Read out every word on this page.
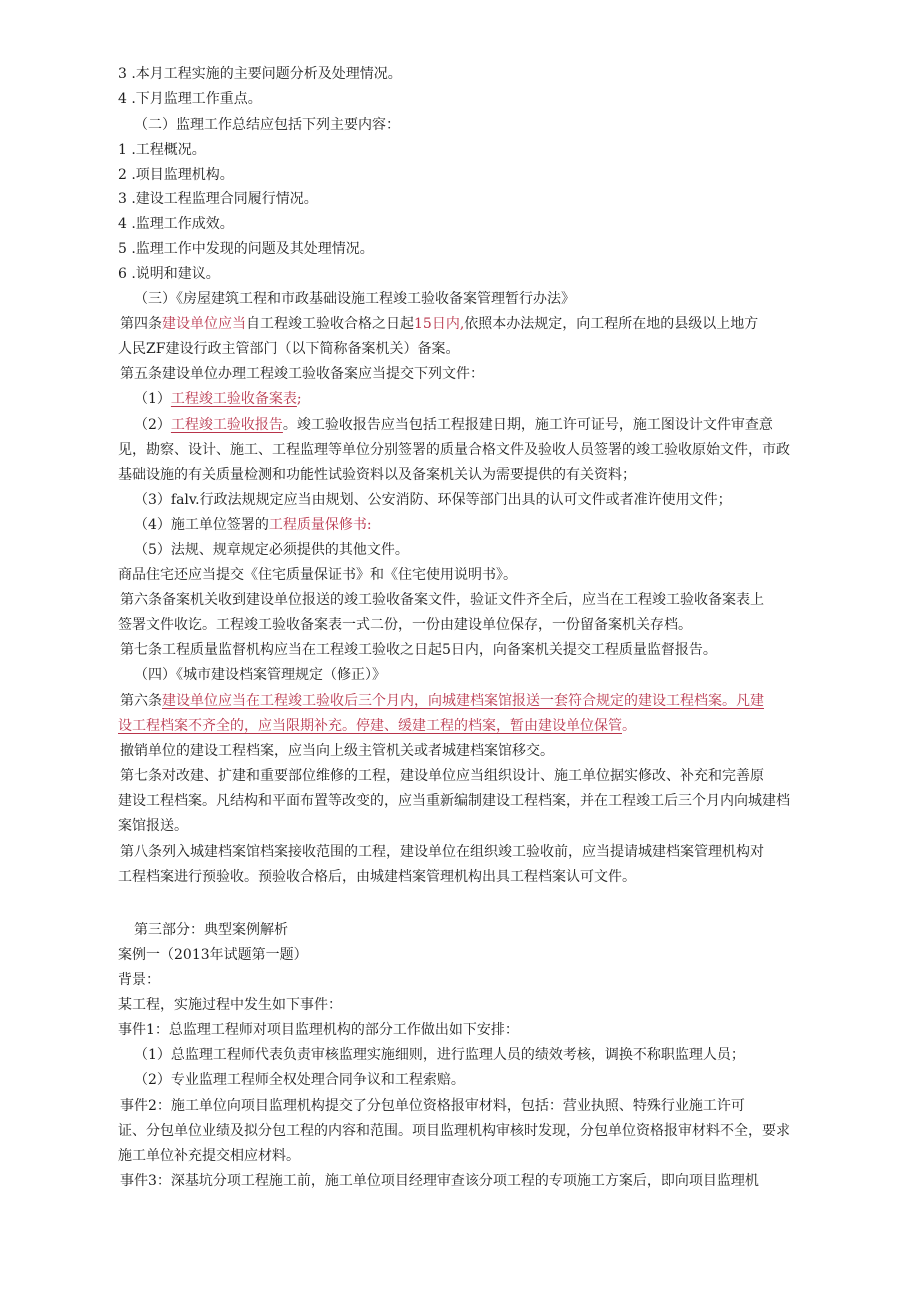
3 .本月工程实施的主要问题分析及处理情况。

4 .下月监理工作重点。

（二）监理工作总结应包括下列主要内容：

1 .工程概况。

2 .项目监理机构。

3 .建设工程监理合同履行情况。

4 .监理工作成效。

5 .监理工作中发现的问题及其处理情况。

6 .说明和建议。

（三）《房屋建筑工程和市政基础设施工程竣工验收备案管理暂行办法》

第四条建设单位应当自工程竣工验收合格之日起15日内,依照本办法规定，向工程所在地的县级以上地方

人民ZF建设行政主管部门（以下简称备案机关）备案。

第五条建设单位办理工程竣工验收备案应当提交下列文件：

（1）工程竣工验收备案表;

（2）工程竣工验收报告。竣工验收报告应当包括工程报建日期，施工许可证号，施工图设计文件审查意

见，勘察、设计、施工、工程监理等单位分别签署的质量合格文件及验收人员签署的竣工验收原始文件，市政

基础设施的有关质量检测和功能性试验资料以及备案机关认为需要提供的有关资料；

（3）falv.行政法规规定应当由规划、公安消防、环保等部门出具的认可文件或者准许使用文件；

（4）施工单位签署的工程质量保修书:

（5）法规、规章规定必须提供的其他文件。

商品住宅还应当提交《住宅质量保证书》和《住宅使用说明书》。

第六条备案机关收到建设单位报送的竣工验收备案文件，验证文件齐全后，应当在工程竣工验收备案表上

签署文件收讫。工程竣工验收备案表一式二份，一份由建设单位保存，一份留备案机关存档。

第七条工程质量监督机构应当在工程竣工验收之日起5日内，向备案机关提交工程质量监督报告。

（四）《城市建设档案管理规定（修正）》

第六条建设单位应当在工程竣工验收后三个月内，向城建档案馆报送一套符合规定的建设工程档案。凡建

设工程档案不齐全的，应当限期补充。停建、缓建工程的档案，暂由建设单位保管。

撤销单位的建设工程档案，应当向上级主管机关或者城建档案馆移交。

第七条对改建、扩建和重要部位维修的工程，建设单位应当组织设计、施工单位据实修改、补充和完善原

建设工程档案。凡结构和平面布置等改变的，应当重新编制建设工程档案，并在工程竣工后三个月内向城建档

案馆报送。

第八条列入城建档案馆档案接收范围的工程，建设单位在组织竣工验收前，应当提请城建档案管理机构对

工程档案进行预验收。预验收合格后，由城建档案管理机构出具工程档案认可文件。

第三部分：典型案例解析

案例一（2013年试题第一题）

背景：

某工程，实施过程中发生如下事件：

事件1：总监理工程师对项目监理机构的部分工作做出如下安排：

（1）总监理工程师代表负责审核监理实施细则，进行监理人员的绩效考核，调换不称职监理人员；

（2）专业监理工程师全权处理合同争议和工程索赔。

事件2：施工单位向项目监理机构提交了分包单位资格报审材料，包括：营业执照、特殊行业施工许可

证、分包单位业绩及拟分包工程的内容和范围。项目监理机构审核时发现，分包单位资格报审材料不全，要求

施工单位补充提交相应材料。

事件3：深基坑分项工程施工前，施工单位项目经理审查该分项工程的专项施工方案后，即向项目监理机
